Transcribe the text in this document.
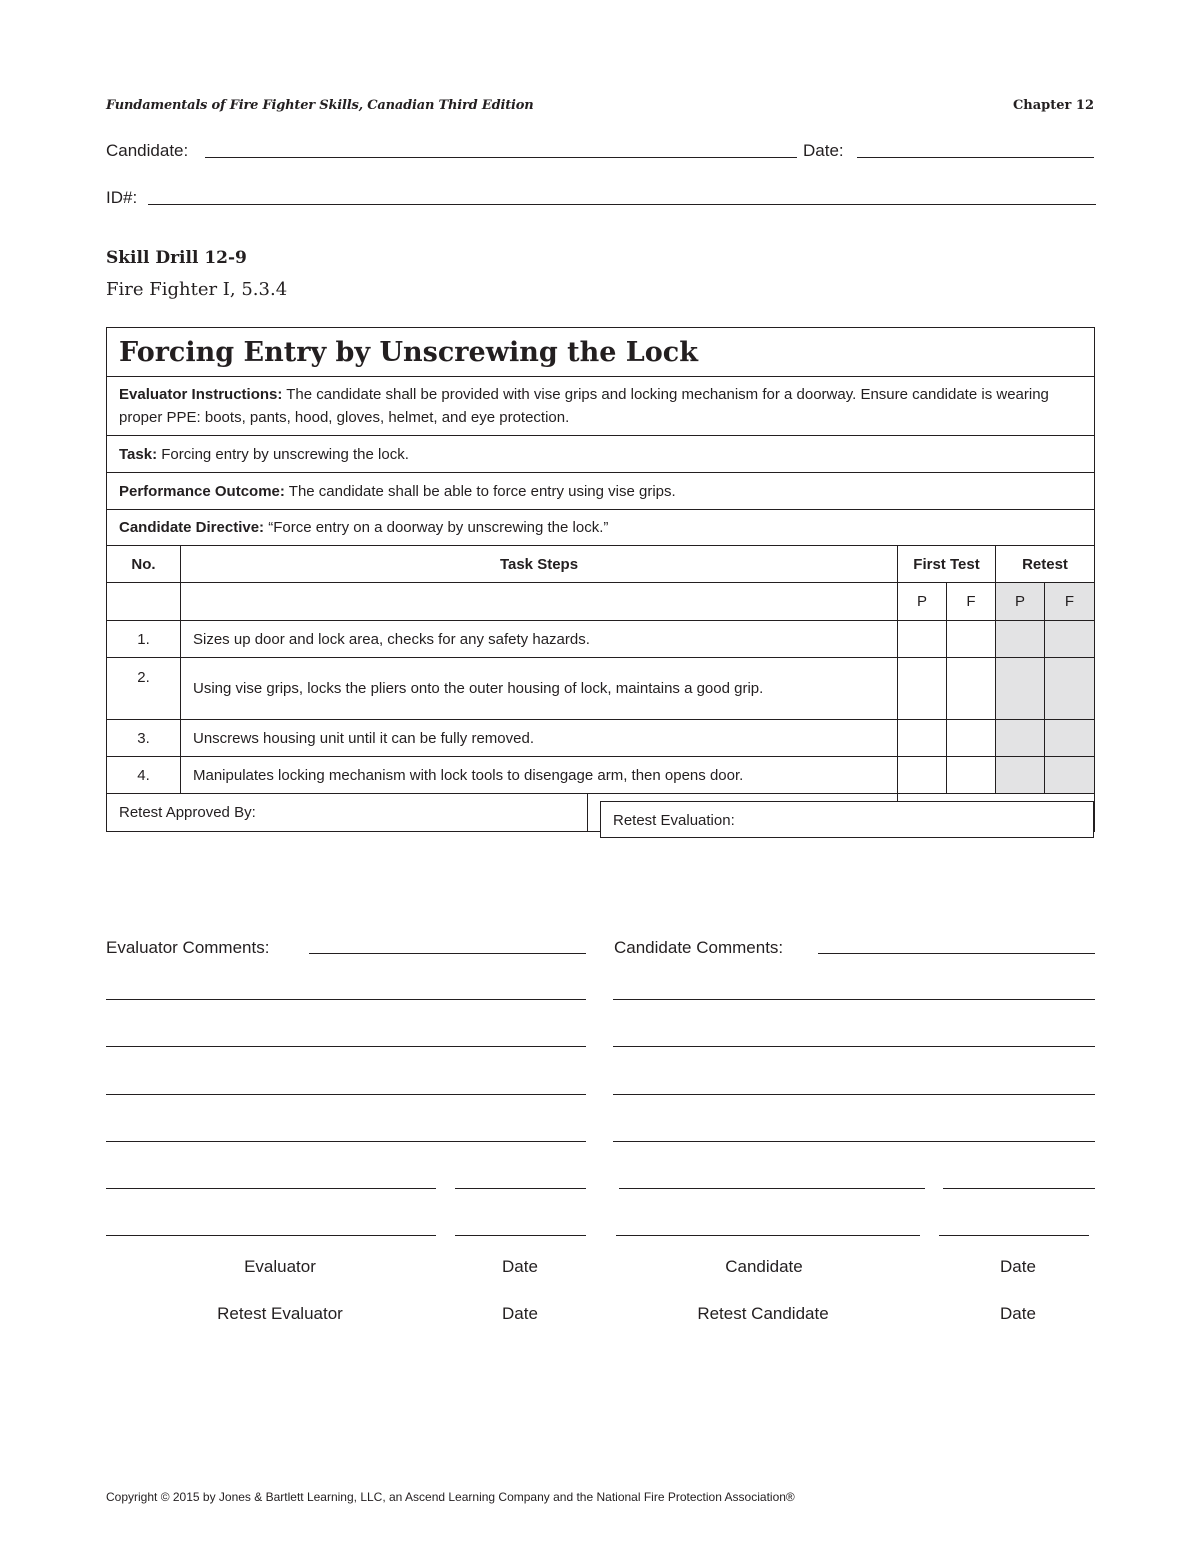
Fundamentals of Fire Fighter Skills, Canadian Third Edition	Chapter 12
Candidate:	Date:
ID#:
Skill Drill 12-9
Fire Fighter I, 5.3.4
Forcing Entry by Unscrewing the Lock					
Evaluator Instructions: The candidate shall be provided with vise grips and locking mechanism for a doorway. Ensure candidate is wearing proper PPE: boots, pants, hood, gloves, helmet, and eye protection.					
Task: Forcing entry by unscrewing the lock.					
Performance Outcome: The candidate shall be able to force entry using vise grips.					
Candidate Directive: “Force entry on a doorway by unscrewing the lock.”					
No.	Task Steps	First Test		Retest	
		P	F	P	F
1.	Sizes up door and lock area, checks for any safety hazards.				
2.	Using vise grips, locks the pliers onto the outer housing of lock, maintains a good grip.				
3.	Unscrews housing unit until it can be fully removed.				
4.	Manipulates locking mechanism with lock tools to disengage arm, then opens door.				

Retest Approved By:					
		Retest Evaluation:
Evaluator Comments:	Candidate Comments:
Evaluator	Date	Candidate	Date
Retest Evaluator	Date	Retest Candidate	Date
Copyright © 2015 by Jones & Bartlett Learning, LLC, an Ascend Learning Company and the National Fire Protection Association®
